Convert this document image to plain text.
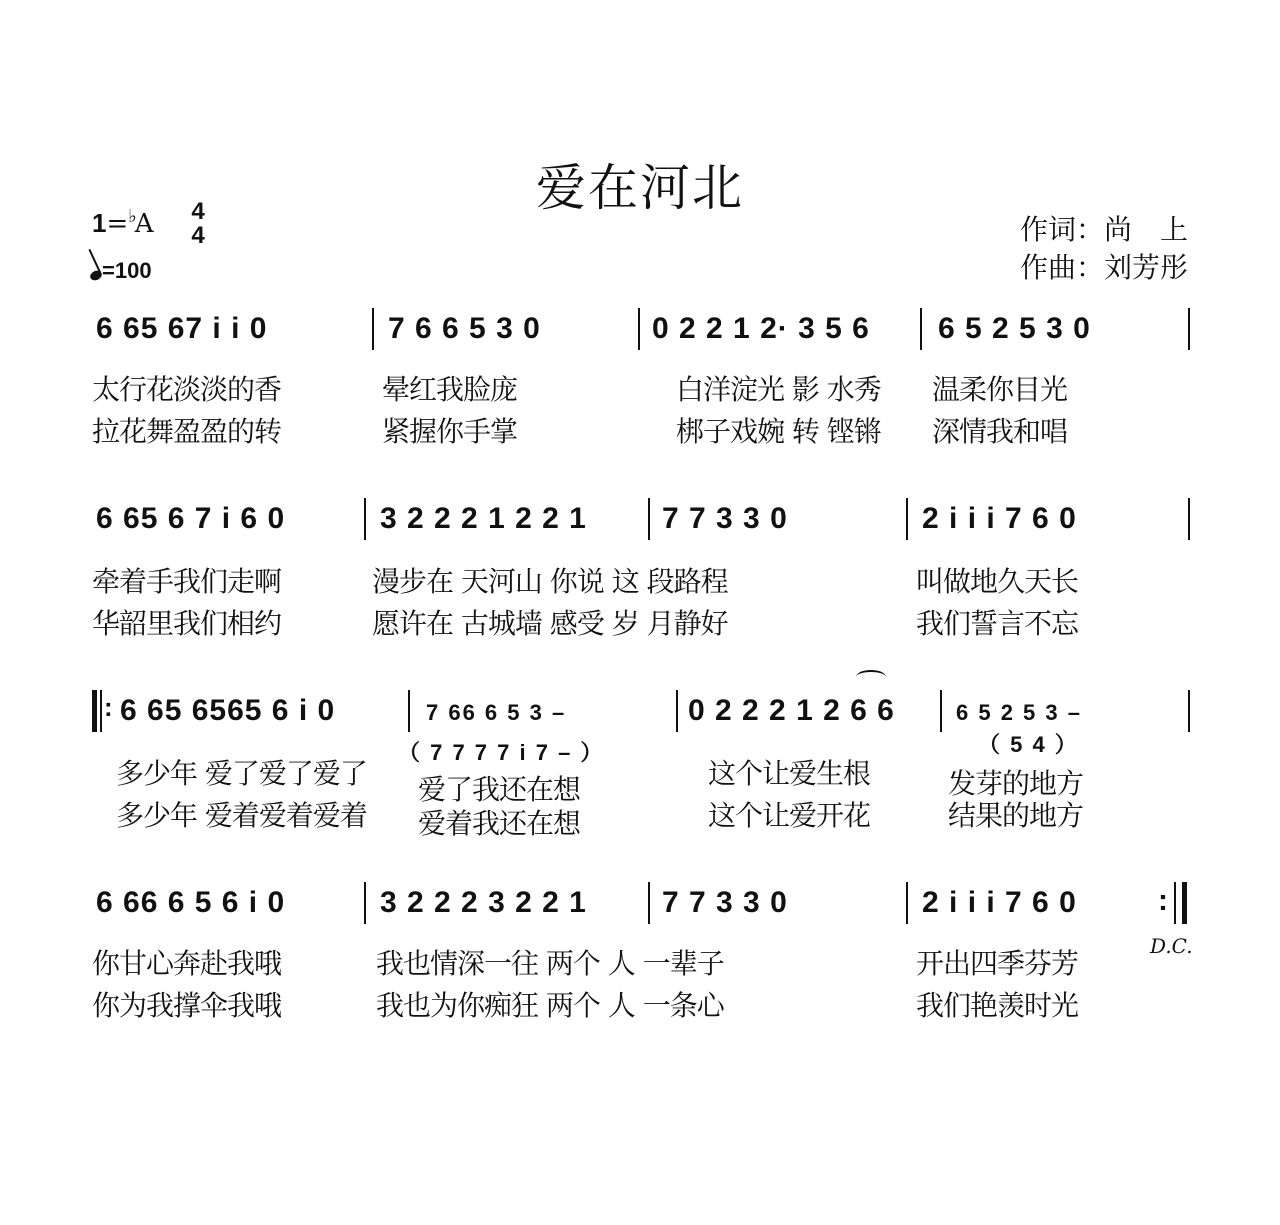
爱在河北
1=♭A 4
4
=100
作词：尚　上
作曲：刘芳彤
6 65 67 i i 0	7 6 6 5 3 0	0 2 2 1 2· 3 5 6 6 5 2 5 3 0
太行花淡淡的香	晕红我脸庞	白洋淀光 影 水秀 温柔你目光
拉花舞盈盈的转	紧握你手掌	梆子戏婉 转 铿锵 深情我和唱
6 65 6 7 i 6 0	3 2 2 2 1 2 2 1	7 7 3 3 0	2 i i i 7 6 0
牵着手我们走啊	漫步在 天河山 你说 这 段路程	叫做地久天长
华韶里我们相约	愿许在 古城墙 感受 岁 月静好	我们誓言不忘
: 6 65 6565 6 i 0	7 66 6 5 3 –
（ 7 7 7 7 i 7 – ）
0 2 2 2 1 2 6 6	6 5 2 5 3 –
（ 5 4 ）
多少年 爱了爱了爱了 爱了我还在想	这个让爱生根	发芽的地方
多少年 爱着爱着爱着 爱着我还在想	这个让爱开花	结果的地方
6 66 6 5 6 i 0	3 2 2 2 3 2 2 1	7 7 3 3 0	2 i i i 7 6 0	:
D.C.
你甘心奔赴我哦	我也情深一往 两个 人 一辈子	开出四季芬芳
你为我撑伞我哦	我也为你痴狂 两个 人 一条心	我们艳羡时光
